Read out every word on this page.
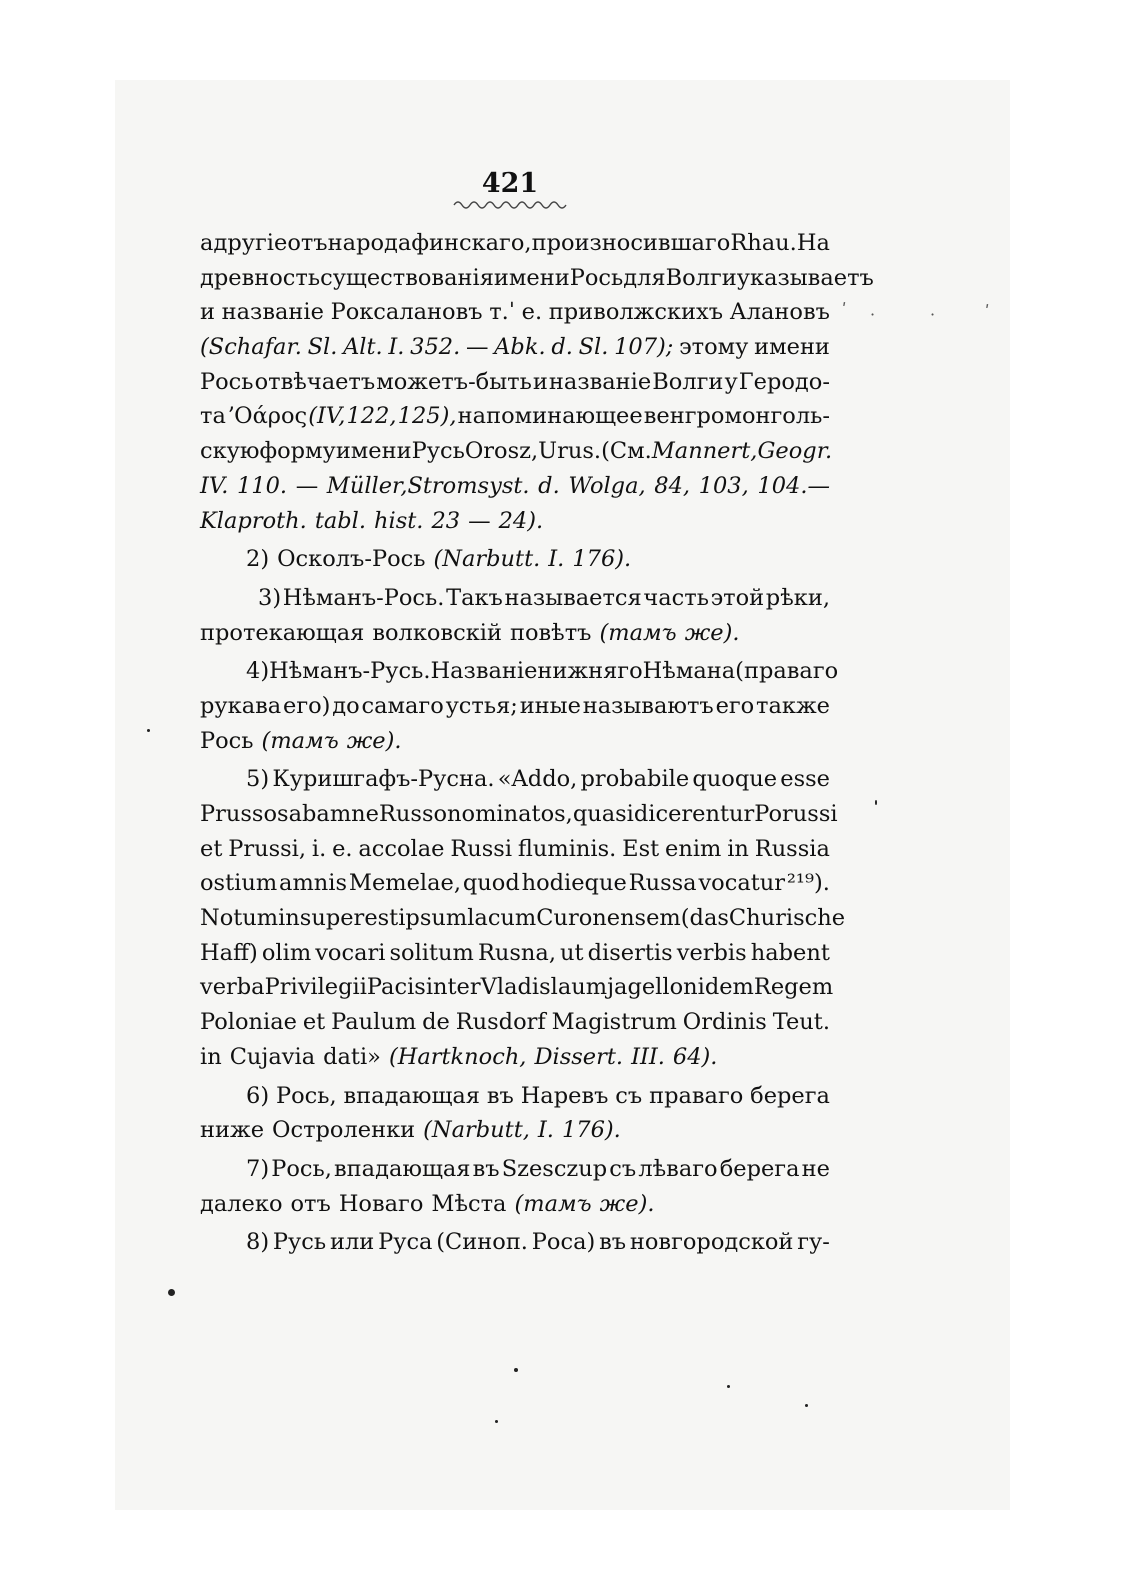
421
а другіе отъ народа финскаго, произносившаго Rhau. На
древность существованія имени Рось для Волги указываетъ
и названіе Роксалановъ т.ˈ е. приволжскихъ Алановъ
(Schafar. Sl. Alt. I. 352. — Abk. d. Sl. 107); этому имени
Рось отвѣчаетъ можетъ-быть и названіе Волги у Геродо-
та ʼΟάρος (IV, 122, 125), напоминающее венгромонголь-
скую форму имени Русь Orosz, Urus. (См. Mannert, Geogr.
IV. 110. — Müller,Stromsyst. d. Wolga, 84, 103, 104.—
Klaproth. tabl. hist. 23 — 24).
2) Осколъ-Рось (Narbutt. I. 176).
3) Нѣманъ-Рось. Такъ называется часть этой рѣки,
протекающая волковскій повѣтъ (тамъ же).
4) Нѣманъ - Русь. Названіе нижняго Нѣмана (праваго
рукава его) до самаго устья; иные называютъ его также
Рось (тамъ же).
5) Куришгафъ-Русна. «Addo, probabile quoque esse
Prussos ab amne Russo nominatos, quasi dicerentur Porussi
et Prussi, i. e. accolae Russi fluminis. Est enim in Russia
ostium amnis Memelae, quod hodieque Russa vocatur ²¹⁹).
Notum insuper est ipsum lacum Curonensem (das Churische
Haff) olim vocari solitum Rusna, ut disertis verbis habent
verba Privilegii Pacis inter Vladislaum jagellonidem Regem
Poloniae et Paulum de Rusdorf Magistrum Ordinis Teut.
in Cujavia dati» (Hartknoch, Dissert. III. 64).
6) Рось, впадающая въ Наревъ съ праваго берега
ниже Остроленки (Narbutt, I. 176).
7) Рось, впадающая въ Szesczup съ лѣваго берега не
далеко отъ Новаго Мѣста (тамъ же).
8) Русь или Руса (Синоп. Роса) въ новгородской гу-
ʹ ·	·	ʹ
